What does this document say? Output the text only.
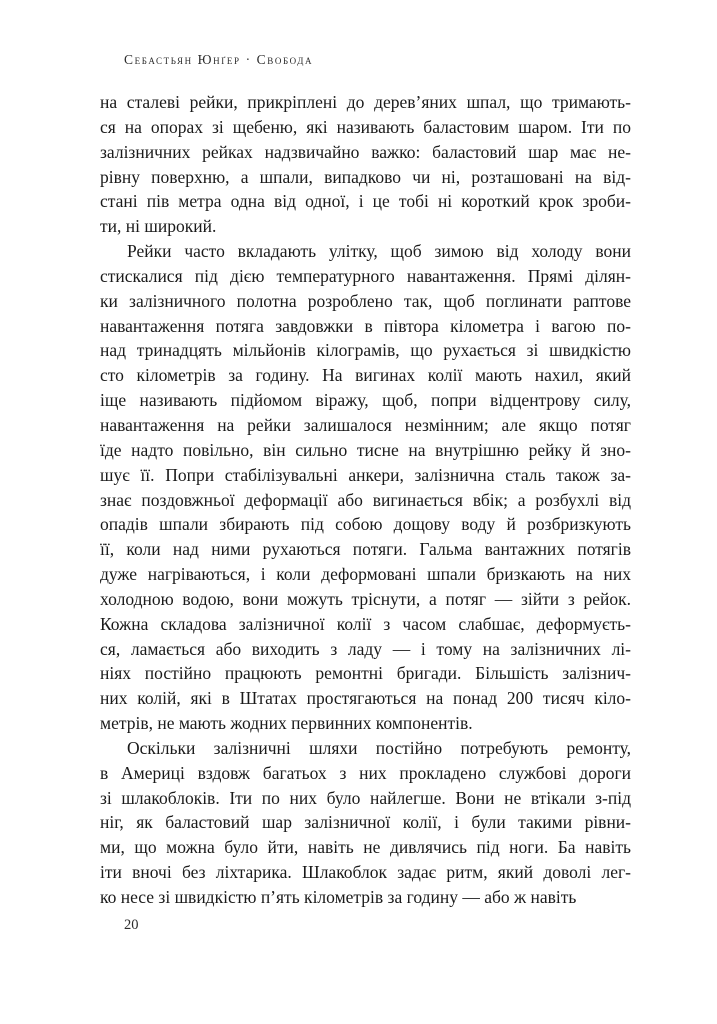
Себастьян Юнґер · Свобода
на сталеві рейки, прикріплені до дерев’яних шпал, що тримають-
ся на опорах зі щебеню, які називають баластовим шаром. Іти по
залізничних рейках надзвичайно важко: баластовий шар має не-
рівну поверхню, а шпали, випадково чи ні, розташовані на від-
стані пів метра одна від одної, і це тобі ні короткий крок зроби-
ти, ні широкий.
Рейки часто вкладають улітку, щоб зимою від холоду вони
стискалися під дією температурного навантаження. Прямі ділян-
ки залізничного полотна розроблено так, щоб поглинати раптове
навантаження потяга завдовжки в півтора кілометра і вагою по-
над тринадцять мільйонів кілограмів, що рухається зі швидкістю
сто кілометрів за годину. На вигинах колії мають нахил, який
іще називають підйомом віражу, щоб, попри відцентрову силу,
навантаження на рейки залишалося незмінним; але якщо потяг
їде надто повільно, він сильно тисне на внутрішню рейку й зно-
шує її. Попри стабілізувальні анкери, залізнична сталь також за-
знає поздовжньої деформації або вигинається вбік; а розбухлі від
опадів шпали збирають під собою дощову воду й розбризкують
її, коли над ними рухаються потяги. Гальма вантажних потягів
дуже нагріваються, і коли деформовані шпали бризкають на них
холодною водою, вони можуть тріснути, а потяг — зійти з рейок.
Кожна складова залізничної колії з часом слабшає, деформуєть-
ся, ламається або виходить з ладу — і тому на залізничних лі-
ніях постійно працюють ремонтні бригади. Більшість залізнич-
них колій, які в Штатах простягаються на понад 200 тисяч кіло-
метрів, не мають жодних первинних компонентів.
Оскільки залізничні шляхи постійно потребують ремонту,
в Америці вздовж багатьох з них прокладено службові дороги
зі шлакоблоків. Іти по них було найлегше. Вони не втікали з-під
ніг, як баластовий шар залізничної колії, і були такими рівни-
ми, що можна було йти, навіть не дивлячись під ноги. Ба навіть
іти вночі без ліхтарика. Шлакоблок задає ритм, який доволі лег-
ко несе зі швидкістю п’ять кілометрів за годину — або ж навіть
20
